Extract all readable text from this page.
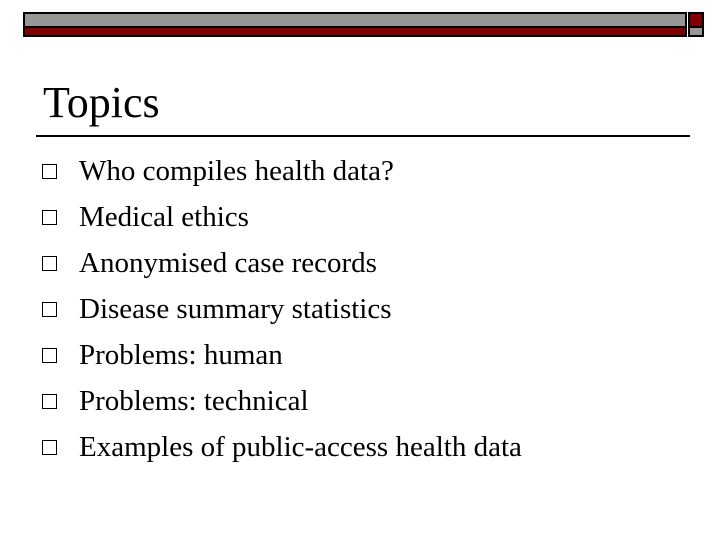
Topics
Who compiles health data?
Medical ethics
Anonymised case records
Disease summary statistics
Problems: human
Problems: technical
Examples of public-access health data
